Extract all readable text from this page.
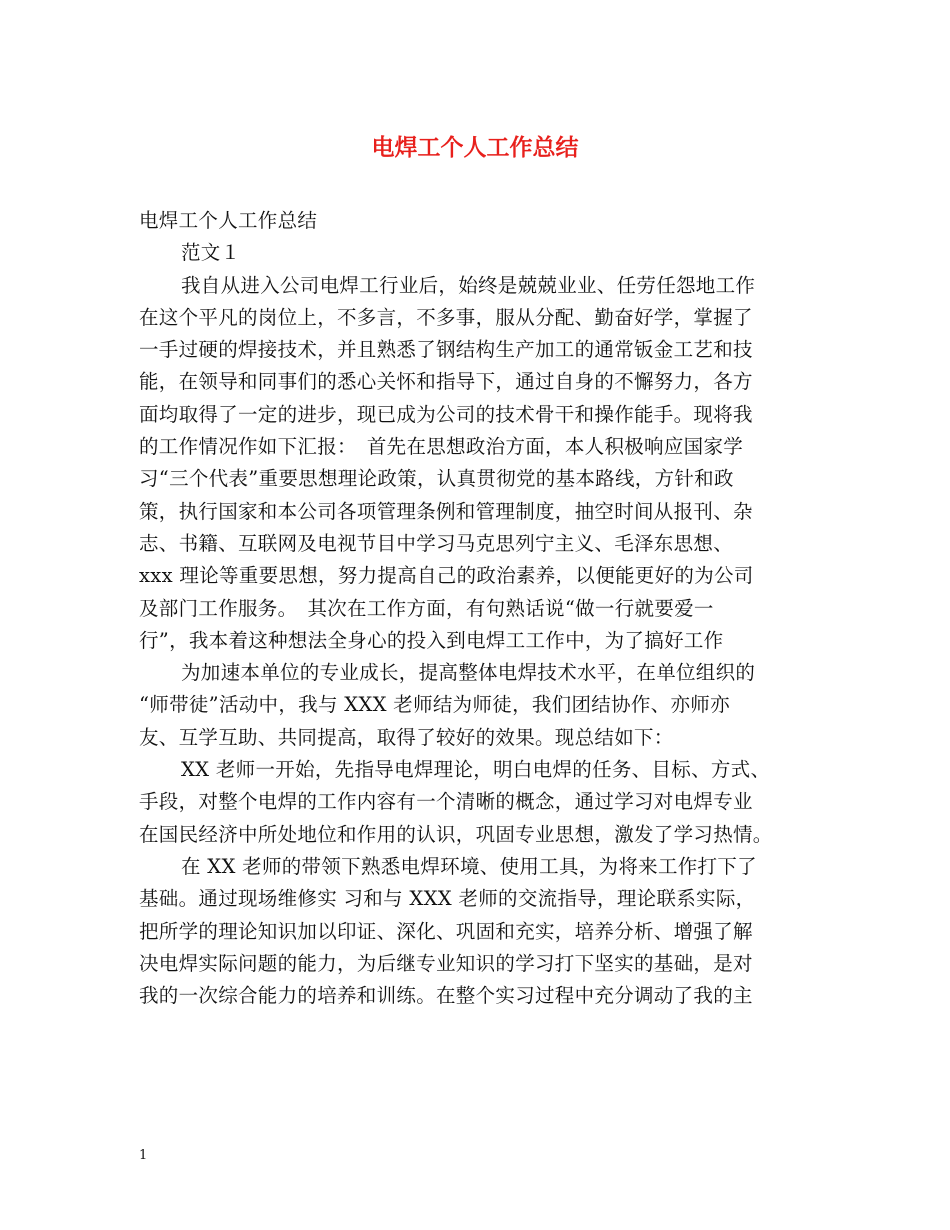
电焊工个人工作总结
电焊工个人工作总结
范文１
我自从进入公司电焊工行业后，始终是兢兢业业、任劳任怨地工作
在这个平凡的岗位上，不多言，不多事，服从分配、勤奋好学，掌握了
一手过硬的焊接技术，并且熟悉了钢结构生产加工的通常钣金工艺和技
能，在领导和同事们的悉心关怀和指导下，通过自身的不懈努力，各方
面均取得了一定的进步，现已成为公司的技术骨干和操作能手。现将我
的工作情况作如下汇报：　首先在思想政治方面，本人积极响应国家学
习“三个代表”重要思想理论政策，认真贯彻党的基本路线，方针和政
策，执行国家和本公司各项管理条例和管理制度，抽空时间从报刊、杂
志、书籍、互联网及电视节目中学习马克思列宁主义、毛泽东思想、
xxx 理论等重要思想，努力提高自己的政治素养，以便能更好的为公司
及部门工作服务。　其次在工作方面，有句熟话说“做一行就要爱一
行”，我本着这种想法全身心的投入到电焊工工作中，为了搞好工作
为加速本单位的专业成长，提高整体电焊技术水平，在单位组织的
“师带徒”活动中，我与 XXX 老师结为师徒，我们团结协作、亦师亦
友、互学互助、共同提高，取得了较好的效果。现总结如下：
XX 老师一开始，先指导电焊理论，明白电焊的任务、目标、方式、
手段，对整个电焊的工作内容有一个清晰的概念，通过学习对电焊专业
在国民经济中所处地位和作用的认识，巩固专业思想，激发了学习热情。
在 XX 老师的带领下熟悉电焊环境、使用工具，为将来工作打下了
基础。通过现场维修实 习和与 XXX 老师的交流指导，理论联系实际，
把所学的理论知识加以印证、深化、巩固和充实，培养分析、增强了解
决电焊实际问题的能力，为后继专业知识的学习打下坚实的基础，是对
我的一次综合能力的培养和训练。在整个实习过程中充分调动了我的主
1
